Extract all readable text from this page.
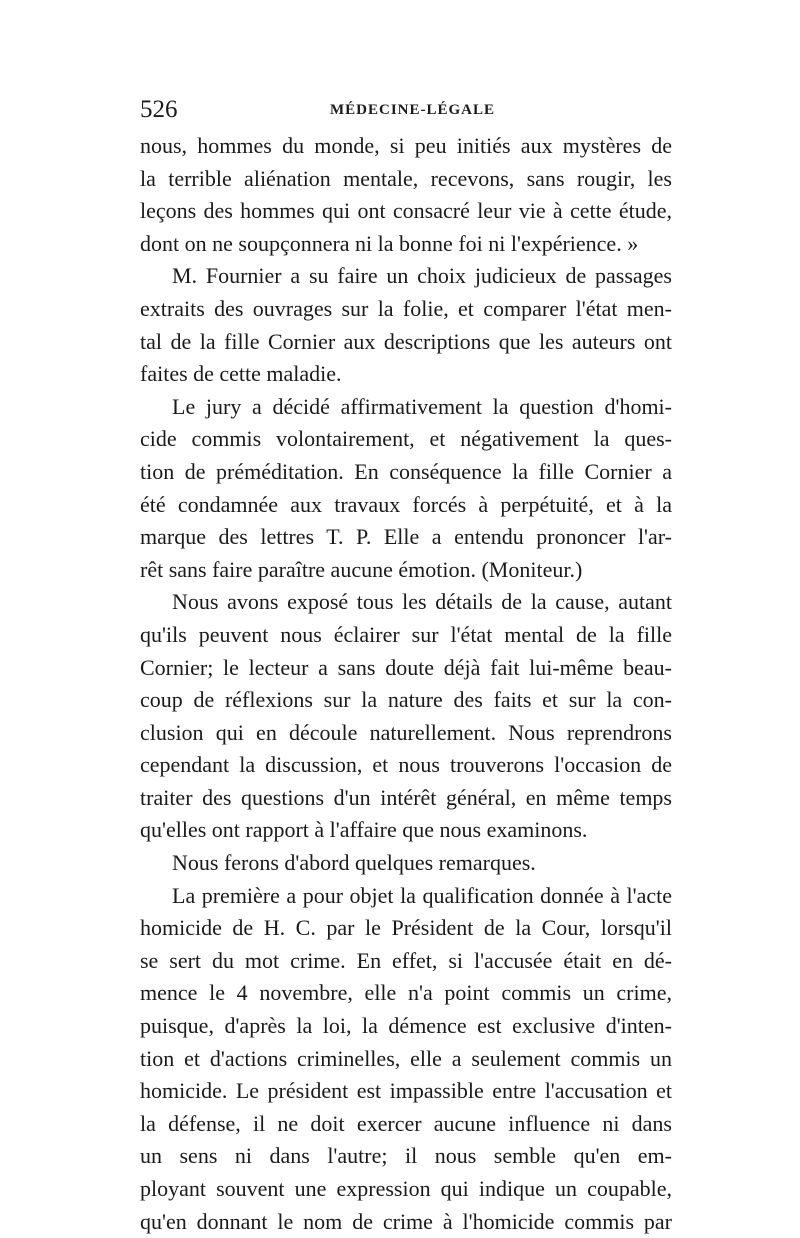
526	MÉDECINE-LÉGALE
nous, hommes du monde, si peu initiés aux mystères de
la terrible aliénation mentale, recevons, sans rougir, les
leçons des hommes qui ont consacré leur vie à cette étude,
dont on ne soupçonnera ni la bonne foi ni l'expérience. »
M. Fournier a su faire un choix judicieux de passages
extraits des ouvrages sur la folie, et comparer l'état men-
tal de la fille Cornier aux descriptions que les auteurs ont
faites de cette maladie.
Le jury a décidé affirmativement la question d'homi-
cide commis volontairement, et négativement la ques-
tion de préméditation. En conséquence la fille Cornier a
été condamnée aux travaux forcés à perpétuité, et à la
marque des lettres T. P. Elle a entendu prononcer l'ar-
rêt sans faire paraître aucune émotion. (Moniteur.)
Nous avons exposé tous les détails de la cause, autant
qu'ils peuvent nous éclairer sur l'état mental de la fille
Cornier; le lecteur a sans doute déjà fait lui-même beau-
coup de réflexions sur la nature des faits et sur la con-
clusion qui en découle naturellement. Nous reprendrons
cependant la discussion, et nous trouverons l'occasion de
traiter des questions d'un intérêt général, en même temps
qu'elles ont rapport à l'affaire que nous examinons.
Nous ferons d'abord quelques remarques.
La première a pour objet la qualification donnée à l'acte
homicide de H. C. par le Président de la Cour, lorsqu'il
se sert du mot crime. En effet, si l'accusée était en dé-
mence le 4 novembre, elle n'a point commis un crime,
puisque, d'après la loi, la démence est exclusive d'inten-
tion et d'actions criminelles, elle a seulement commis un
homicide. Le président est impassible entre l'accusation et
la défense, il ne doit exercer aucune influence ni dans
un sens ni dans l'autre; il nous semble qu'en em-
ployant souvent une expression qui indique un coupable,
qu'en donnant le nom de crime à l'homicide commis par
